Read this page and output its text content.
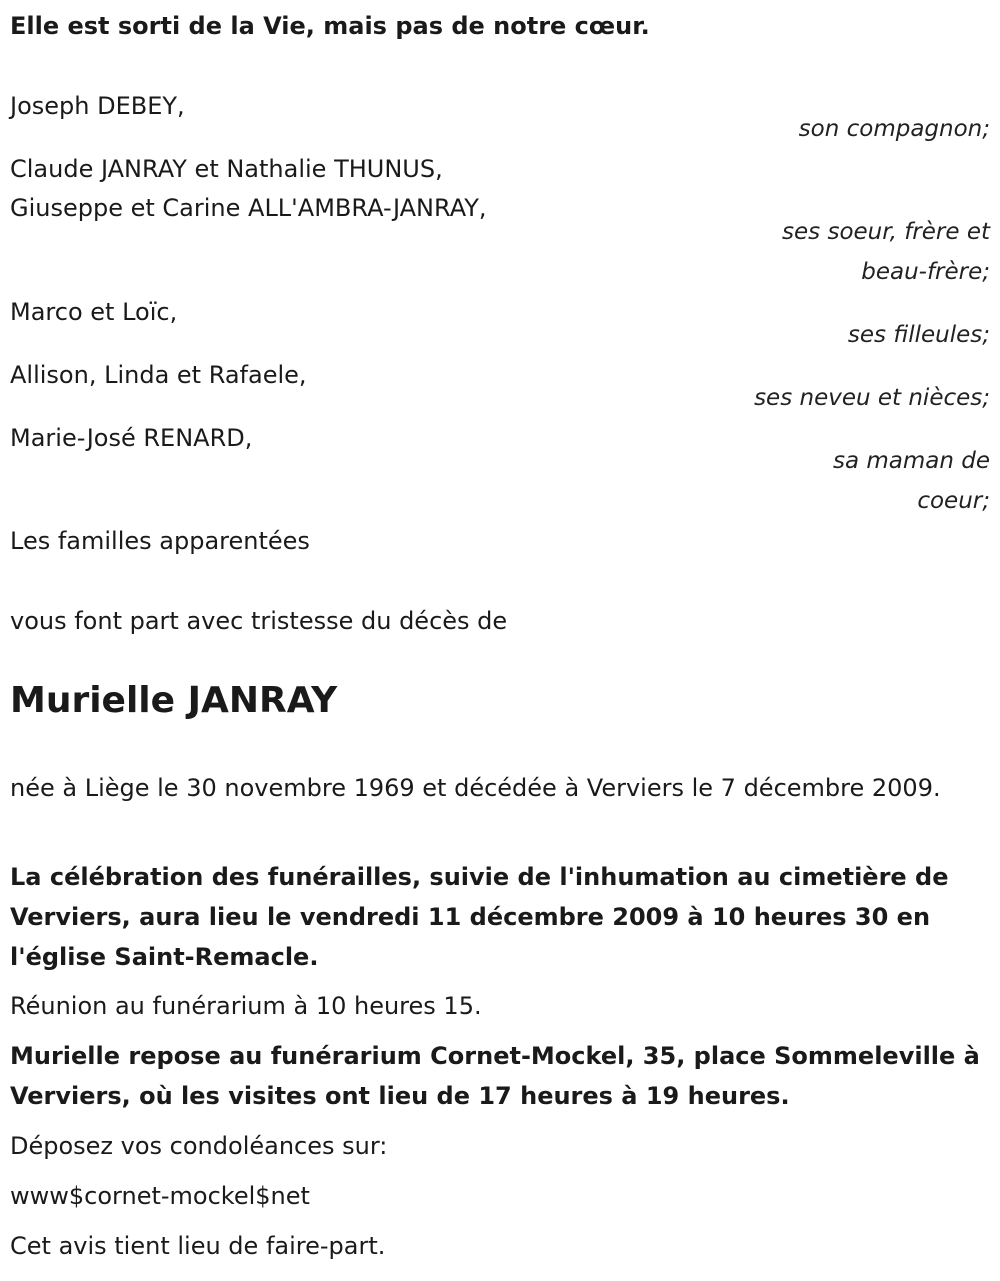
Elle est sorti de la Vie, mais pas de notre cœur.
Joseph DEBEY,
son compagnon;
Claude JANRAY et Nathalie THUNUS,
Giuseppe et Carine ALL'AMBRA-JANRAY,
ses soeur, frère et
beau-frère;
Marco et Loïc,
ses filleules;
Allison, Linda et Rafaele,
ses neveu et nièces;
Marie-José RENARD,
sa maman de
coeur;
Les familles apparentées
vous font part avec tristesse du décès de
Murielle JANRAY
née à Liège le 30 novembre 1969 et décédée à Verviers le 7 décembre 2009.
La célébration des funérailles, suivie de l'inhumation au cimetière de Verviers, aura lieu le vendredi 11 décembre 2009 à 10 heures 30 en l'église Saint-Remacle.
Réunion au funérarium à 10 heures 15.
Murielle repose au funérarium Cornet-Mockel, 35, place Sommeleville à Verviers, où les visites ont lieu de 17 heures à 19 heures.
Déposez vos condoléances sur:
www$cornet-mockel$net
Cet avis tient lieu de faire-part.
